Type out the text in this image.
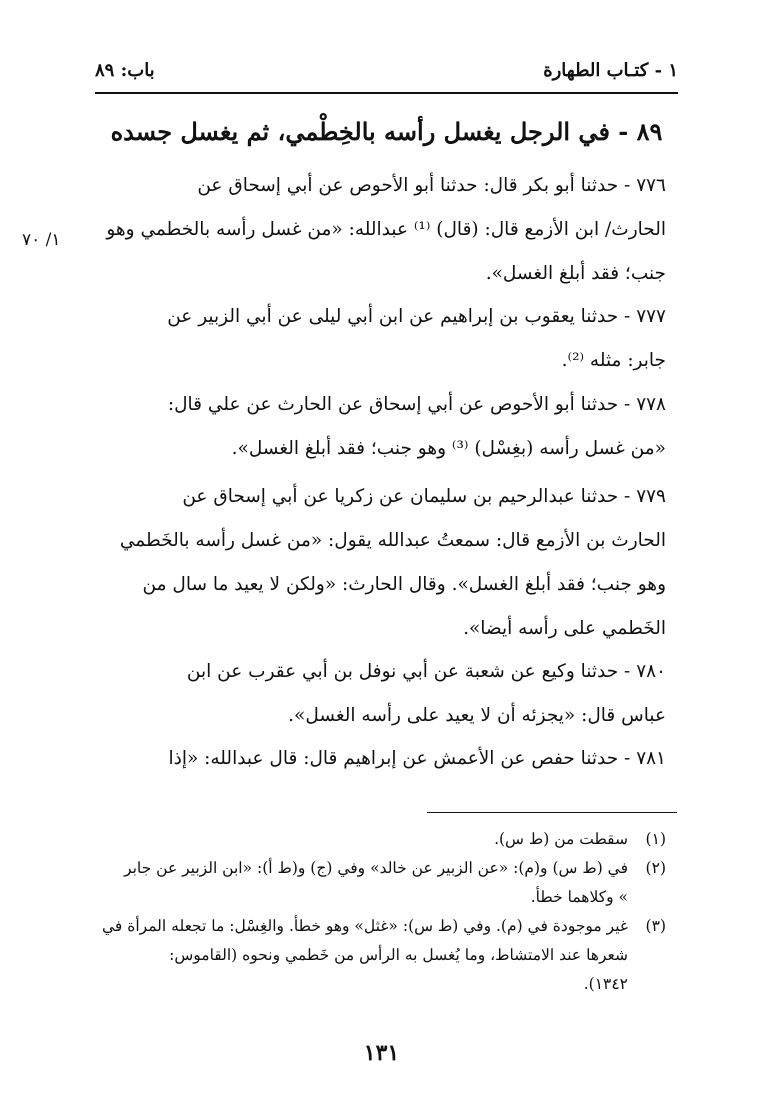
١ - كتـاب الطهارة
باب: ٨٩
٨٩ - في الرجل يغسل رأسه بالخِطْمي، ثم يغسل جسده
١/ ٧٠
٧٧٦ - حدثنا أبو بكر قال: حدثنا أبو الأحوص عن أبي إسحاق عن
الحارث/ ابن الأزمع قال: (قال) ⁽¹⁾ عبدالله: «من غسل رأسه بالخطمي وهو
جنب؛ فقد أبلغ الغسل».
٧٧٧ - حدثنا يعقوب بن إبراهيم عن ابن أبي ليلى عن أبي الزبير عن
جابر: مثله ⁽²⁾.
٧٧٨ - حدثنا أبو الأحوص عن أبي إسحاق عن الحارث عن علي قال:
«من غسل رأسه (بغِسْل) ⁽³⁾ وهو جنب؛ فقد أبلغ الغسل».
٧٧٩ - حدثنا عبدالرحيم بن سليمان عن زكريا عن أبي إسحاق عن
الحارث بن الأزمع قال: سمعتُ عبدالله يقول: «من غسل رأسه بالخَطمي
وهو جنب؛ فقد أبلغ الغسل». وقال الحارث: «ولكن لا يعيد ما سال من
الخَطمي على رأسه أيضا».
٧٨٠ - حدثنا وكيع عن شعبة عن أبي نوفل بن أبي عقرب عن ابن
عباس قال: «يجزئه أن لا يعيد على رأسه الغسل».
٧٨١ - حدثنا حفص عن الأعمش عن إبراهيم قال: قال عبدالله: «إذا
(١)
سقطت من (ط س).
(٢)
في (ط س) و(م): «عن الزبير عن خالد» وفي (ج) و(ط أ): «ابن الزبير عن جابر
» وكلاهما خطأ.
(٣)
غير موجودة في (م). وفي (ط س): «غثل» وهو خطأ. والغِسْل: ما تجعله المرأة في
شعرها عند الامتشاط، وما يُغسل به الرأس من خَطمي ونحوه (القاموس:
١٣٤٢).
١٣١
